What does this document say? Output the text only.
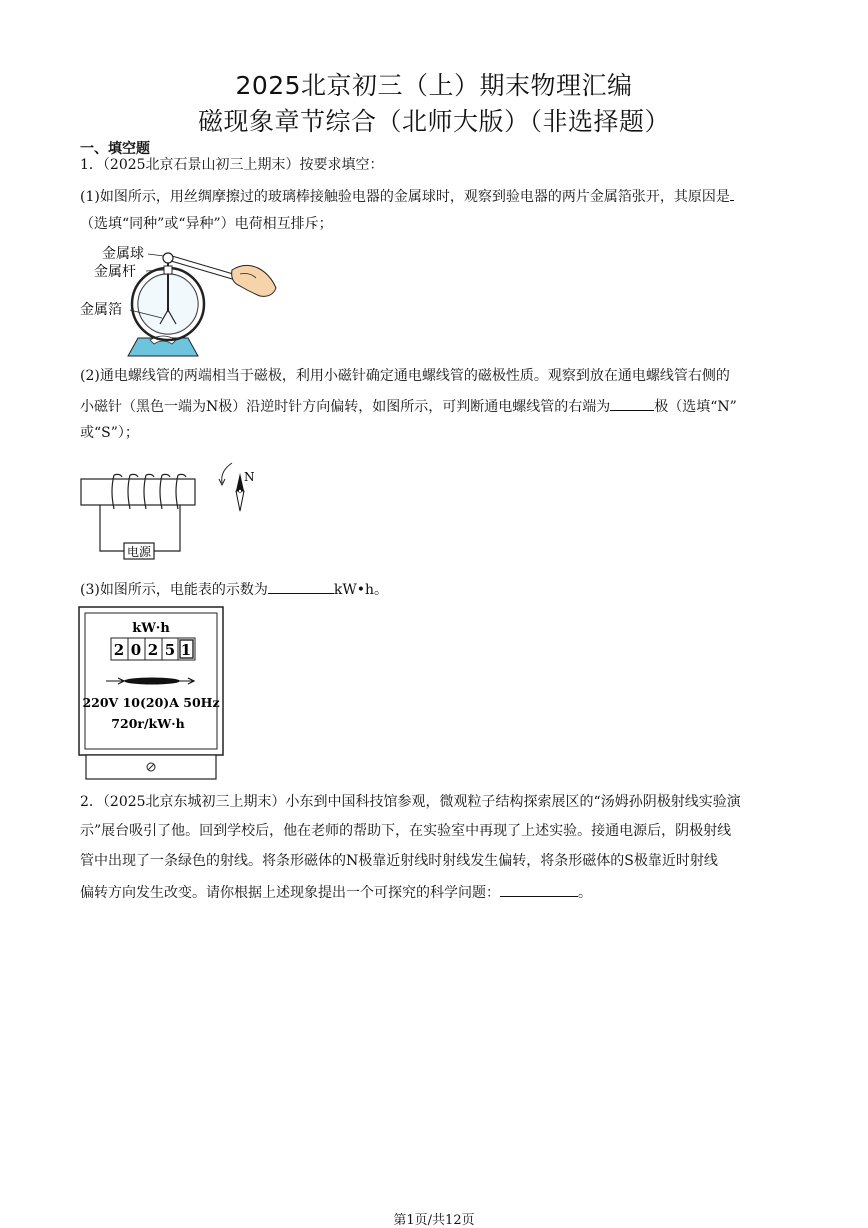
2025北京初三（上）期末物理汇编
磁现象章节综合（北师大版）（非选择题）
一、填空题
1．（2025北京石景山初三上期末）按要求填空：
(1)如图所示，用丝绸摩擦过的玻璃棒接触验电器的金属球时，观察到验电器的两片金属箔张开，其原因是
（选填“同种”或“异种”）电荷相互排斥；
金属球
金属杆
金属箔
(2)通电螺线管的两端相当于磁极，利用小磁针确定通电螺线管的磁极性质。观察到放在通电螺线管右侧的
小磁针（黑色一端为N极）沿逆时针方向偏转，如图所示，可判断通电螺线管的右端为	极（选填“N”
或“S”）；
电源
N
(3)如图所示，电能表的示数为	kW•h。
kW·h
2 0 2 5 1
220V 10(20)A 50Hz
720r/kW·h
2．（2025北京东城初三上期末）小东到中国科技馆参观，微观粒子结构探索展区的“汤姆孙阴极射线实验演
示”展台吸引了他。回到学校后，他在老师的帮助下，在实验室中再现了上述实验。接通电源后，阴极射线
管中出现了一条绿色的射线。将条形磁体的N极靠近射线时射线发生偏转，将条形磁体的S极靠近时射线
偏转方向发生改变。请你根据上述现象提出一个可探究的科学问题：	。
第1页/共12页
